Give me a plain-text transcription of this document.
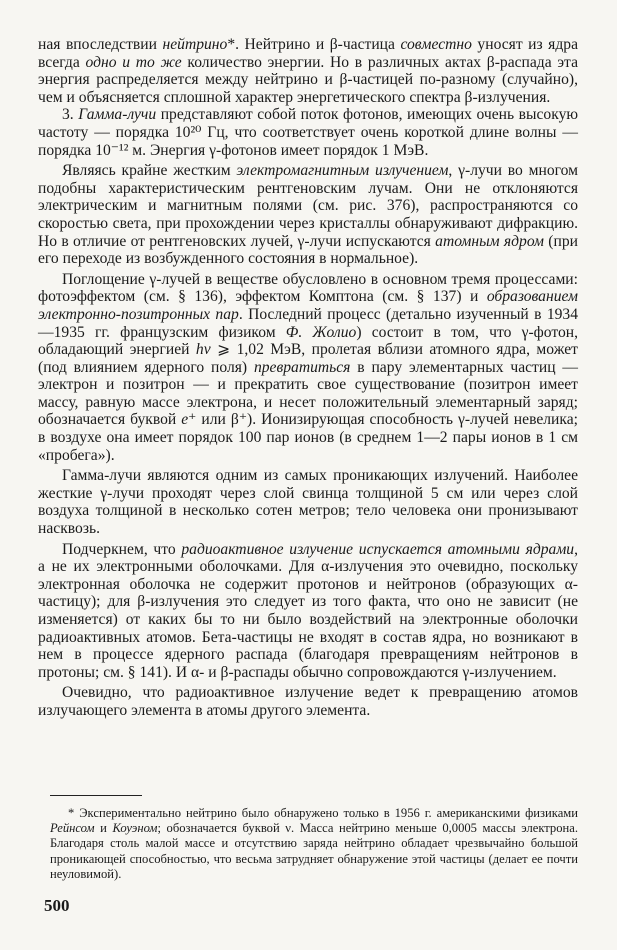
ная впоследствии нейтрино*. Нейтрино и β-частица совместно уносят из ядра всегда одно и то же количество энергии. Но в различных актах β-распада эта энергия распределяется между нейтрино и β-частицей по-разному (случайно), чем и объясняется сплошной характер энергетического спектра β-излучения.

3. Гамма-лучи представляют собой поток фотонов, имеющих очень высокую частоту — порядка 10²⁰ Гц, что соответствует очень короткой длине волны — порядка 10⁻¹² м. Энергия γ-фотонов имеет порядок 1 МэВ.

Являясь крайне жестким электромагнитным излучением, γ-лучи во многом подобны характеристическим рентгеновским лучам. Они не отклоняются электрическим и магнитным полями (см. рис. 376), распространяются со скоростью света, при прохождении через кристаллы обнаруживают дифракцию. Но в отличие от рентгеновских лучей, γ-лучи испускаются атомным ядром (при его переходе из возбужденного состояния в нормальное).

Поглощение γ-лучей в веществе обусловлено в основном тремя процессами: фотоэффектом (см. § 136), эффектом Комптона (см. § 137) и образованием электронно-позитронных пар. Последний процесс (детально изученный в 1934—1935 гг. французским физиком Ф. Жолио) состоит в том, что γ-фотон, обладающий энергией hν ⩾ 1,02 МэВ, пролетая вблизи атомного ядра, может (под влиянием ядерного поля) превратиться в пару элементарных частиц — электрон и позитрон — и прекратить свое существование (позитрон имеет массу, равную массе электрона, и несет положительный элементарный заряд; обозначается буквой e⁺ или β⁺). Ионизирующая способность γ-лучей невелика; в воздухе она имеет порядок 100 пар ионов (в среднем 1—2 пары ионов в 1 см «пробега»).

Гамма-лучи являются одним из самых проникающих излучений. Наиболее жесткие γ-лучи проходят через слой свинца толщиной 5 см или через слой воздуха толщиной в несколько сотен метров; тело человека они пронизывают насквозь.

Подчеркнем, что радиоактивное излучение испускается атомными ядрами, а не их электронными оболочками. Для α-излучения это очевидно, поскольку электронная оболочка не содержит протонов и нейтронов (образующих α-частицу); для β-излучения это следует из того факта, что оно не зависит (не изменяется) от каких бы то ни было воздействий на электронные оболочки радиоактивных атомов. Бета-частицы не входят в состав ядра, но возникают в нем в процессе ядерного распада (благодаря превращениям нейтронов в протоны; см. § 141). И α- и β-распады обычно сопровождаются γ-излучением.

Очевидно, что радиоактивное излучение ведет к превращению атомов излучающего элемента в атомы другого элемента.

* Экспериментально нейтрино было обнаружено только в 1956 г. американскими физиками Рейнсом и Коуэном; обозначается буквой ν. Масса нейтрино меньше 0,0005 массы электрона. Благодаря столь малой массе и отсутствию заряда нейтрино обладает чрезвычайно большой проникающей способностью, что весьма затрудняет обнаружение этой частицы (делает ее почти неуловимой).
500
